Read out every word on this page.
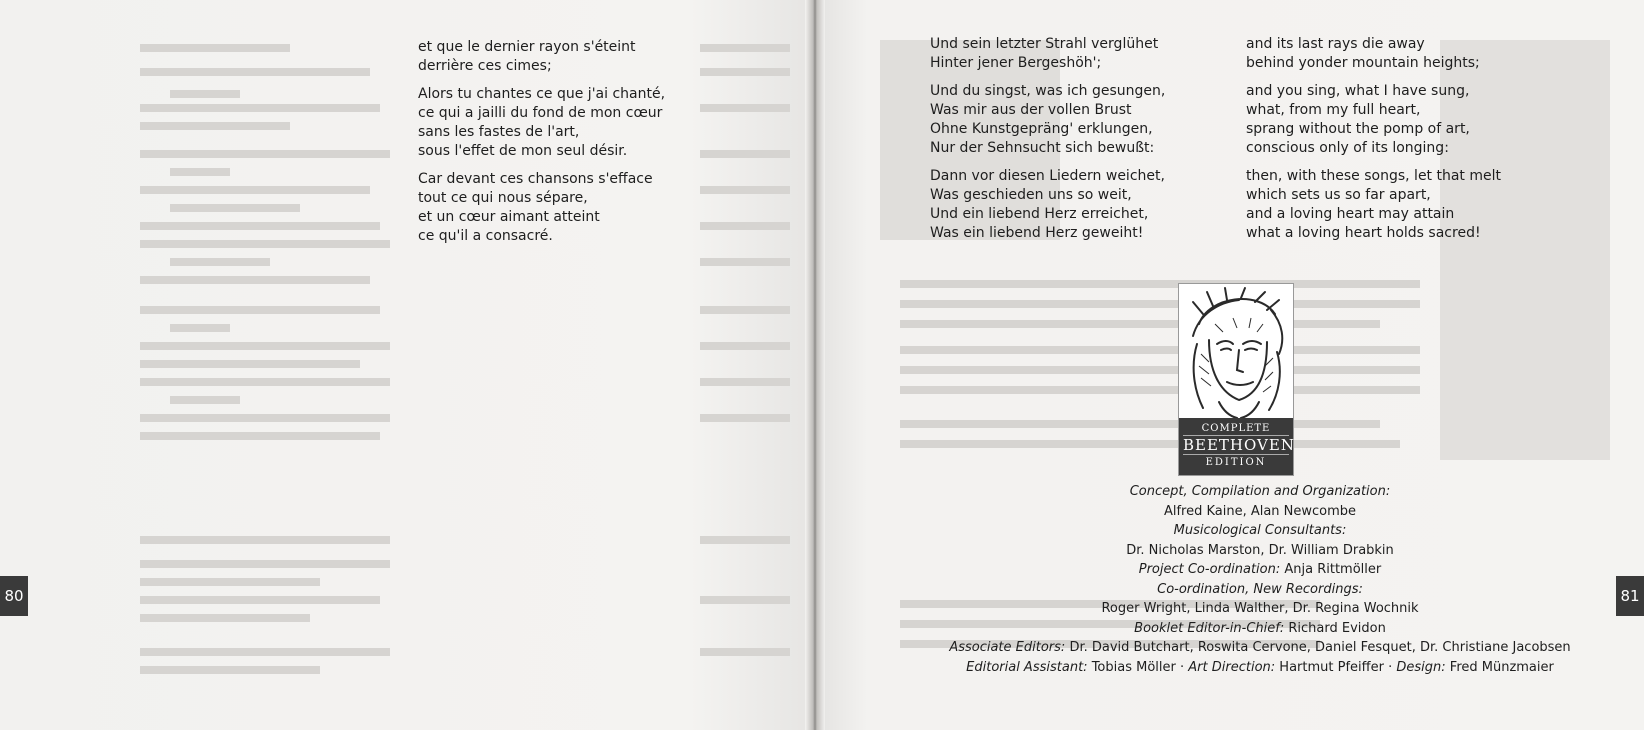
et que le dernier rayon s'éteint
derrière ces cimes;
Alors tu chantes ce que j'ai chanté,
ce qui a jailli du fond de mon cœur
sans les fastes de l'art,
sous l'effet de mon seul désir.
Car devant ces chansons s'efface
tout ce qui nous sépare,
et un cœur aimant atteint
ce qu'il a consacré.
80
Und sein letzter Strahl verglühet
Hinter jener Bergeshöh';
Und du singst, was ich gesungen,
Was mir aus der vollen Brust
Ohne Kunstgepräng' erklungen,
Nur der Sehnsucht sich bewußt:
Dann vor diesen Liedern weichet,
Was geschieden uns so weit,
Und ein liebend Herz erreichet,
Was ein liebend Herz geweiht!
and its last rays die away
behind yonder mountain heights;
and you sing, what I have sung,
what, from my full heart,
sprang without the pomp of art,
conscious only of its longing:
then, with these songs, let that melt
which sets us so far apart,
and a loving heart may attain
what a loving heart holds sacred!
81
COMPLETE
BEETHOVEN
EDITION
Concept, Compilation and Organization:
Alfred Kaine, Alan Newcombe
Musicological Consultants:
Dr. Nicholas Marston, Dr. William Drabkin
Project Co-ordination: Anja Rittmöller
Co-ordination, New Recordings:
Roger Wright, Linda Walther, Dr. Regina Wochnik
Booklet Editor-in-Chief: Richard Evidon
Associate Editors: Dr. David Butchart, Roswita Cervone, Daniel Fesquet, Dr. Christiane Jacobsen
Editorial Assistant: Tobias Möller · Art Direction: Hartmut Pfeiffer · Design: Fred Münzmaier
